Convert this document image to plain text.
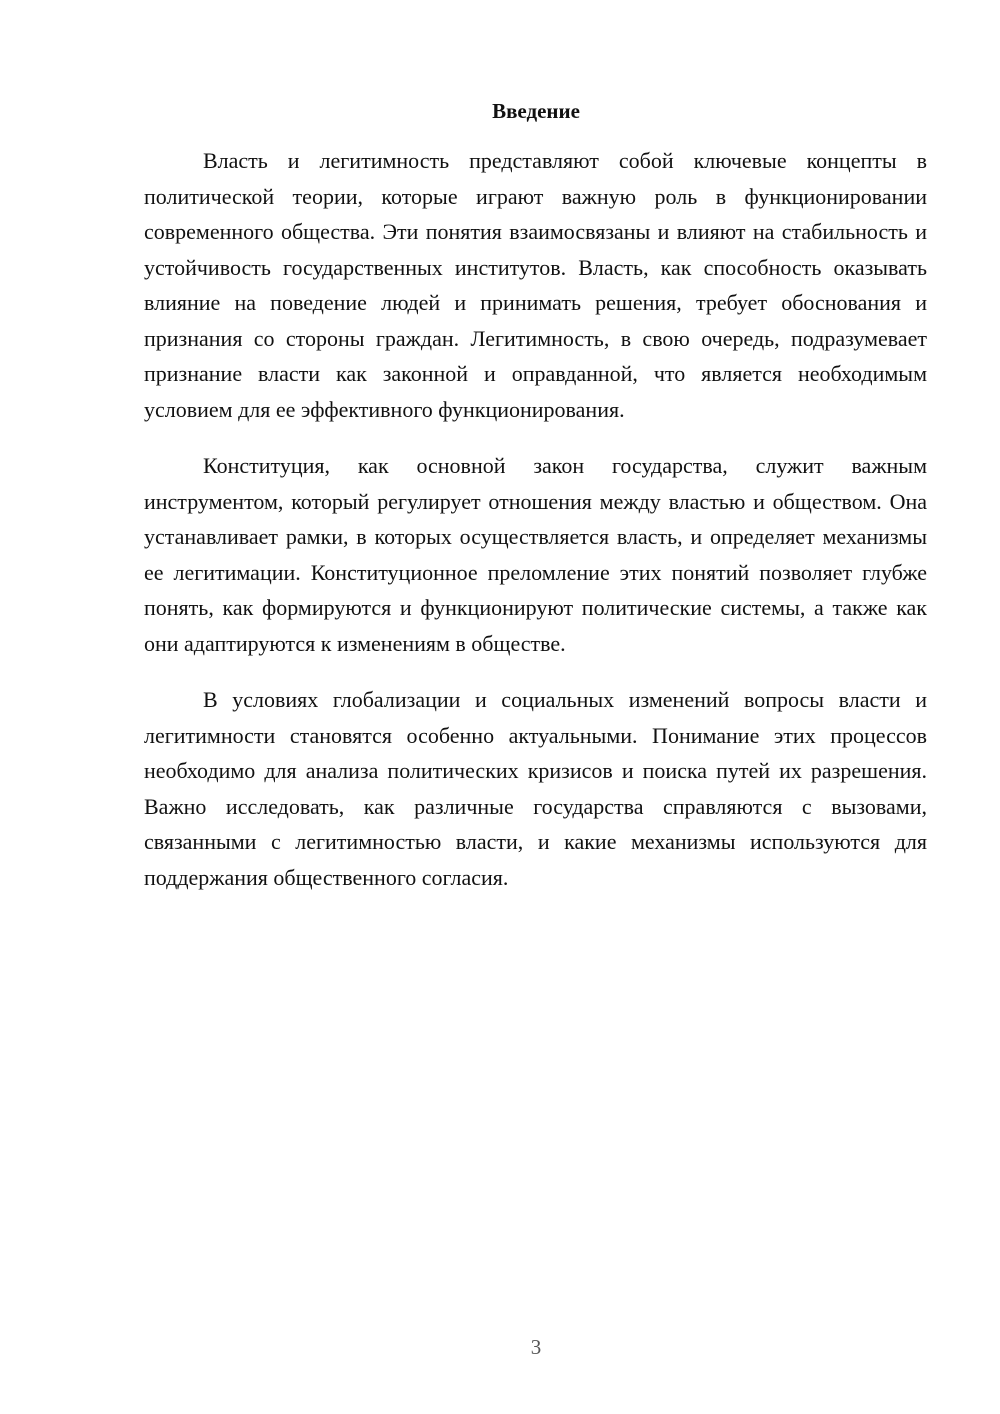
Введение

Власть и легитимность представляют собой ключевые концепты в политической теории, которые играют важную роль в функционировании современного общества. Эти понятия взаимосвязаны и влияют на стабильность и устойчивость государственных институтов. Власть, как способность оказывать влияние на поведение людей и принимать решения, требует обоснования и признания со стороны граждан. Легитимность, в свою очередь, подразумевает признание власти как законной и оправданной, что является необходимым условием для ее эффективного функционирования.

Конституция, как основной закон государства, служит важным инструментом, который регулирует отношения между властью и обществом. Она устанавливает рамки, в которых осуществляется власть, и определяет механизмы ее легитимации. Конституционное преломление этих понятий позволяет глубже понять, как формируются и функционируют политические системы, а также как они адаптируются к изменениям в обществе.

В условиях глобализации и социальных изменений вопросы власти и легитимности становятся особенно актуальными. Понимание этих процессов необходимо для анализа политических кризисов и поиска путей их разрешения. Важно исследовать, как различные государства справляются с вызовами, связанными с легитимностью власти, и какие механизмы используются для поддержания общественного согласия.

3
